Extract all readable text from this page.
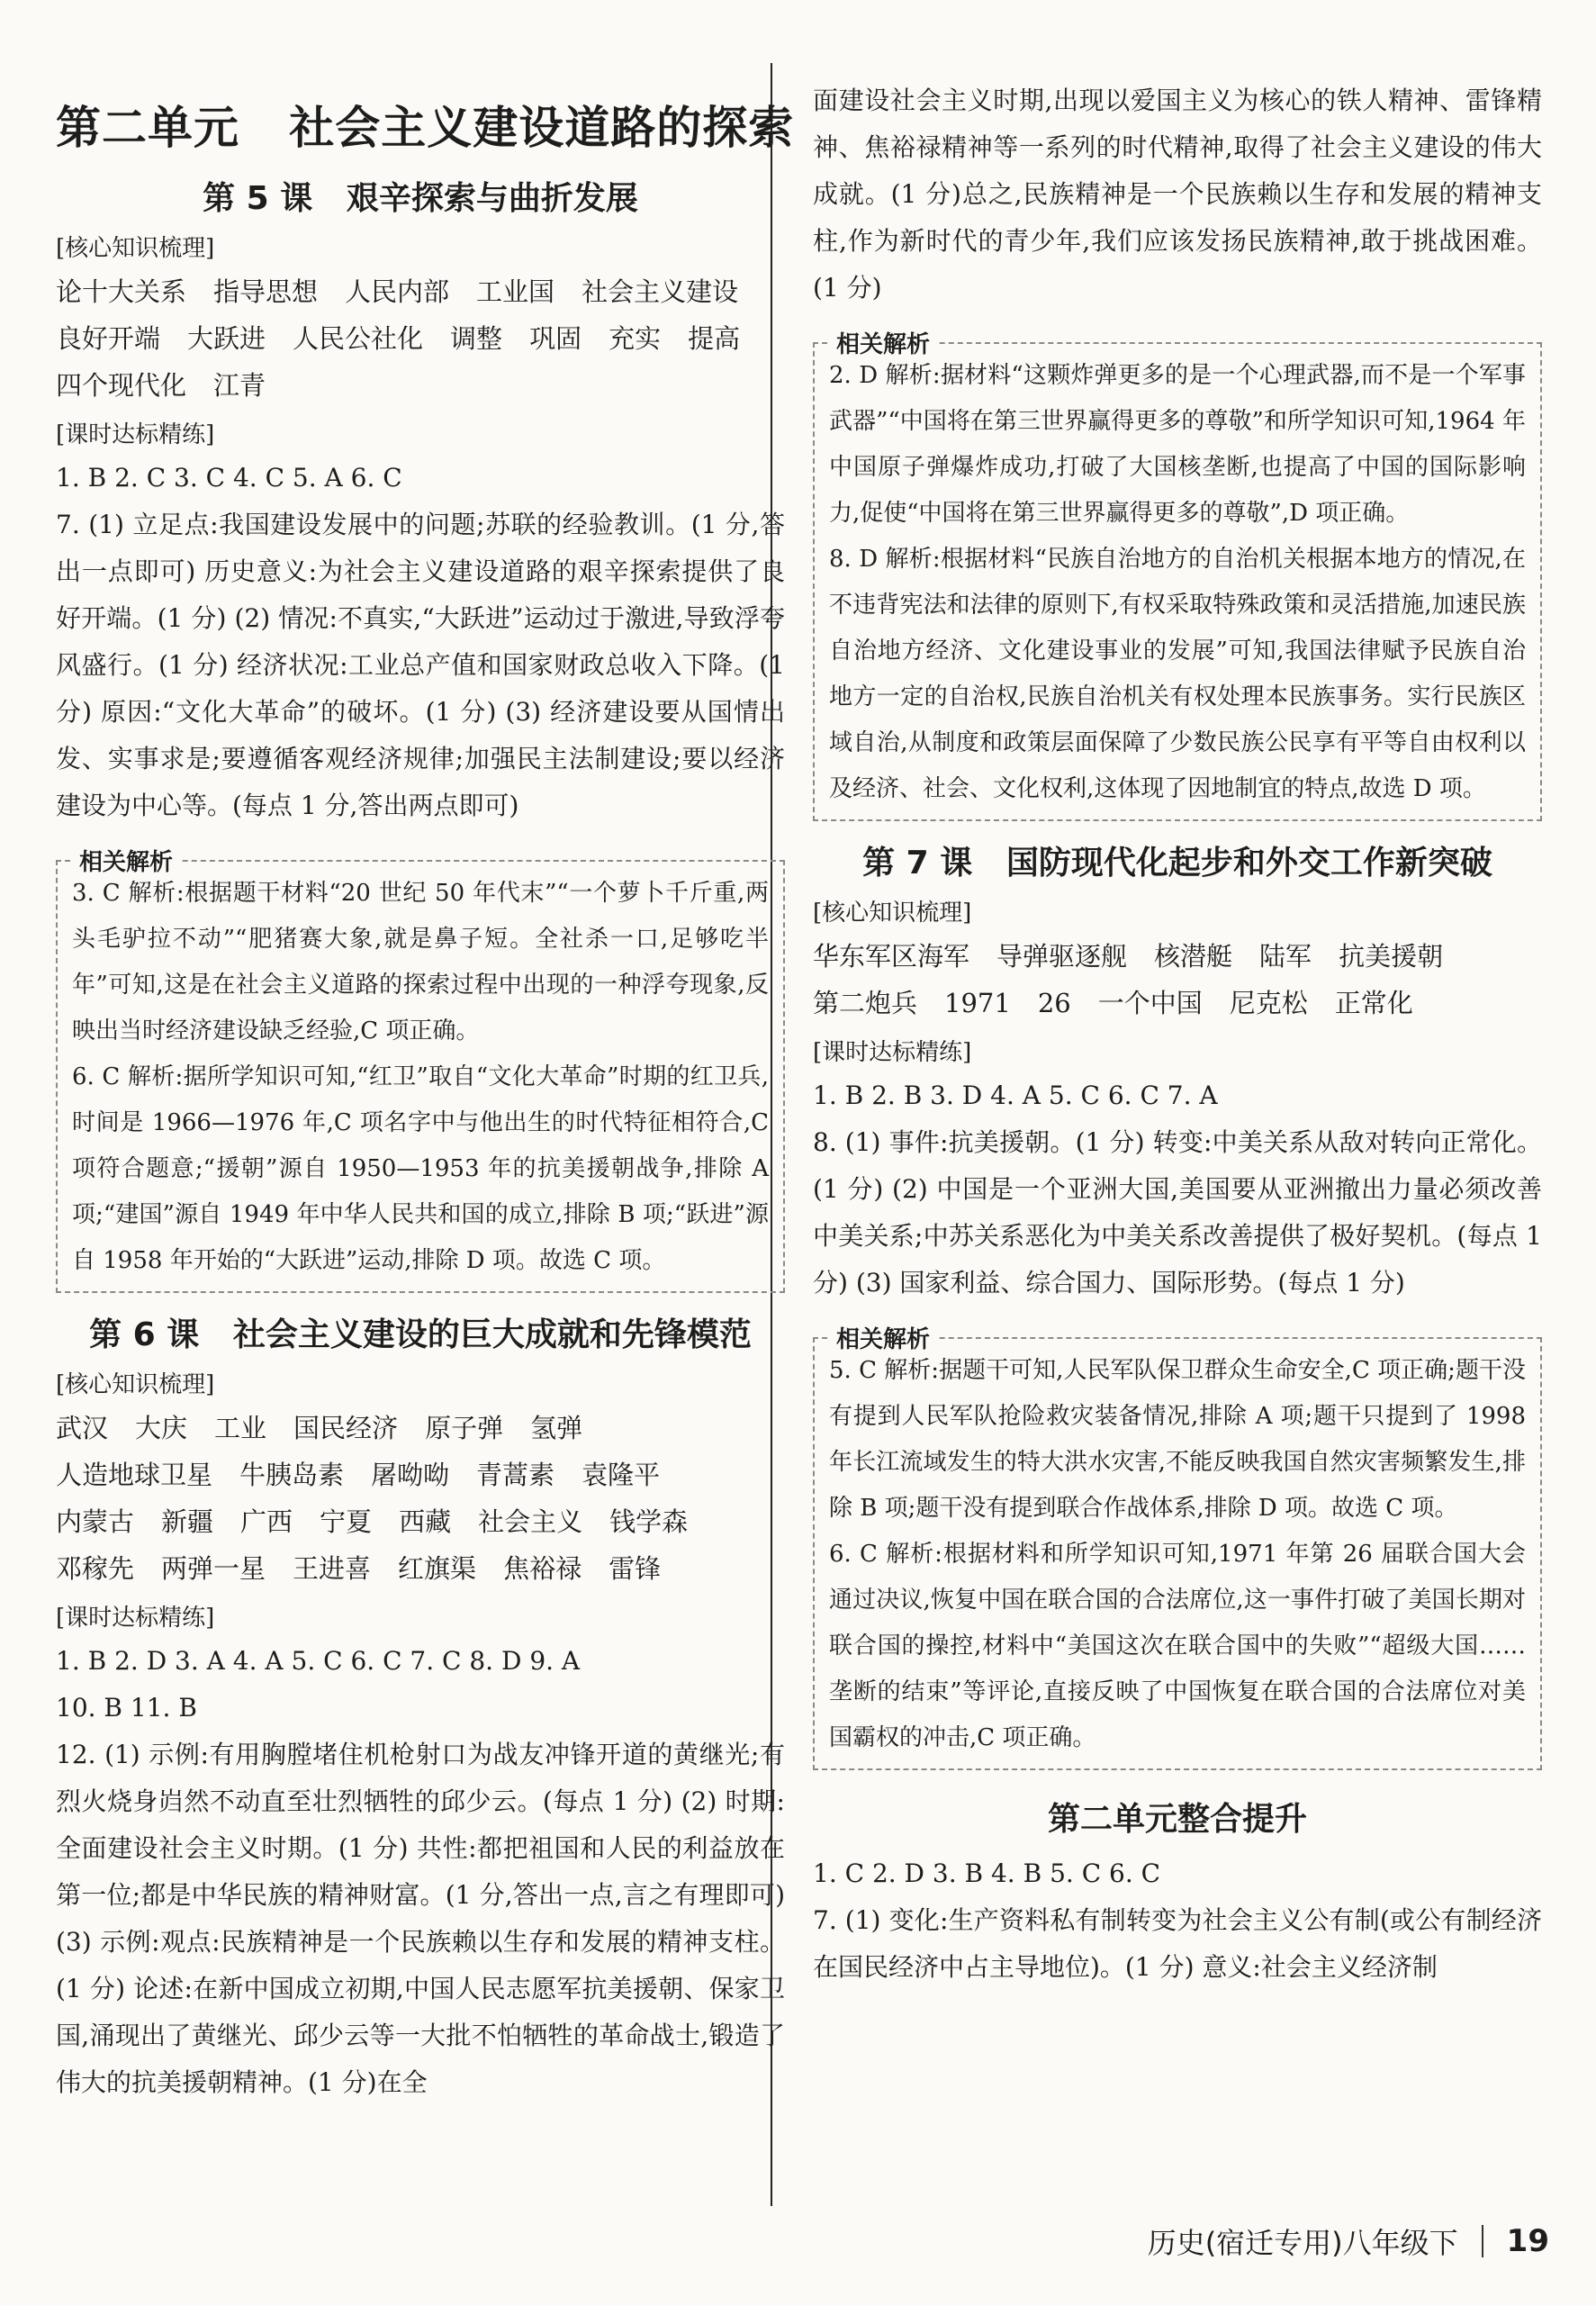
第二单元   社会主义建设道路的探索
第 5 课   艰辛探索与曲折发展
[核心知识梳理]
论十大关系 指导思想 人民内部 工业国 社会主义建设良好开端 大跃进 人民公社化 调整 巩固 充实 提高四个现代化 江青
[课时达标精练]

1. B 2. C 3. C 4. C 5. A 6. C

7. (1) 立足点:我国建设发展中的问题;苏联的经验教训。(1 分,答出一点即可) 历史意义:为社会主义建设道路的艰辛探索提供了良好开端。(1 分) (2) 情况:不真实,“大跃进”运动过于激进,导致浮夸风盛行。(1 分) 经济状况:工业总产值和国家财政总收入下降。(1 分) 原因:“文化大革命”的破坏。(1 分) (3) 经济建设要从国情出发、实事求是;要遵循客观经济规律;加强民主法制建设;要以经济建设为中心等。(每点 1 分,答出两点即可)

相关解析

3. C 解析:根据题干材料“20 世纪 50 年代末”“一个萝卜千斤重,两头毛驴拉不动”“肥猪赛大象,就是鼻子短。全社杀一口,足够吃半年”可知,这是在社会主义道路的探索过程中出现的一种浮夸现象,反映出当时经济建设缺乏经验,C 项正确。

6. C 解析:据所学知识可知,“红卫”取自“文化大革命”时期的红卫兵,时间是 1966—1976 年,C 项名字中与他出生的时代特征相符合,C 项符合题意;“援朝”源自 1950—1953 年的抗美援朝战争,排除 A 项;“建国”源自 1949 年中华人民共和国的成立,排除 B 项;“跃进”源自 1958 年开始的“大跃进”运动,排除 D 项。故选 C 项。

第 6 课   社会主义建设的巨大成就和先锋模范
[核心知识梳理]
武汉 大庆 工业 国民经济 原子弹 氢弹人造地球卫星 牛胰岛素 屠呦呦 青蒿素 袁隆平内蒙古 新疆 广西 宁夏 西藏 社会主义 钱学森邓稼先 两弹一星 王进喜 红旗渠 焦裕禄 雷锋
[课时达标精练]

1. B 2. D 3. A 4. A 5. C 6. C 7. C 8. D 9. A

10. B 11. B

12. (1) 示例:有用胸膛堵住机枪射口为战友冲锋开道的黄继光;有烈火烧身岿然不动直至壮烈牺牲的邱少云。(每点 1 分) (2) 时期:全面建设社会主义时期。(1 分) 共性:都把祖国和人民的利益放在第一位;都是中华民族的精神财富。(1 分,答出一点,言之有理即可) (3) 示例:观点:民族精神是一个民族赖以生存和发展的精神支柱。(1 分) 论述:在新中国成立初期,中国人民志愿军抗美援朝、保家卫国,涌现出了黄继光、邱少云等一大批不怕牺牲的革命战士,锻造了伟大的抗美援朝精神。(1 分)在全

面建设社会主义时期,出现以爱国主义为核心的铁人精神、雷锋精神、焦裕禄精神等一系列的时代精神,取得了社会主义建设的伟大成就。(1 分)总之,民族精神是一个民族赖以生存和发展的精神支柱,作为新时代的青少年,我们应该发扬民族精神,敢于挑战困难。(1 分)

相关解析

2. D 解析:据材料“这颗炸弹更多的是一个心理武器,而不是一个军事武器”“中国将在第三世界赢得更多的尊敬”和所学知识可知,1964 年中国原子弹爆炸成功,打破了大国核垄断,也提高了中国的国际影响力,促使“中国将在第三世界赢得更多的尊敬”,D 项正确。

8. D 解析:根据材料“民族自治地方的自治机关根据本地方的情况,在不违背宪法和法律的原则下,有权采取特殊政策和灵活措施,加速民族自治地方经济、文化建设事业的发展”可知,我国法律赋予民族自治地方一定的自治权,民族自治机关有权处理本民族事务。实行民族区域自治,从制度和政策层面保障了少数民族公民享有平等自由权利以及经济、社会、文化权利,这体现了因地制宜的特点,故选 D 项。

第 7 课   国防现代化起步和外交工作新突破
[核心知识梳理]
华东军区海军 导弹驱逐舰 核潜艇 陆军 抗美援朝第二炮兵 1971 26 一个中国 尼克松 正常化
[课时达标精练]

1. B 2. B 3. D 4. A 5. C 6. C 7. A

8. (1) 事件:抗美援朝。(1 分) 转变:中美关系从敌对转向正常化。(1 分) (2) 中国是一个亚洲大国,美国要从亚洲撤出力量必须改善中美关系;中苏关系恶化为中美关系改善提供了极好契机。(每点 1 分) (3) 国家利益、综合国力、国际形势。(每点 1 分)

相关解析

5. C 解析:据题干可知,人民军队保卫群众生命安全,C 项正确;题干没有提到人民军队抢险救灾装备情况,排除 A 项;题干只提到了 1998 年长江流域发生的特大洪水灾害,不能反映我国自然灾害频繁发生,排除 B 项;题干没有提到联合作战体系,排除 D 项。故选 C 项。

6. C 解析:根据材料和所学知识可知,1971 年第 26 届联合国大会通过决议,恢复中国在联合国的合法席位,这一事件打破了美国长期对联合国的操控,材料中“美国这次在联合国中的失败”“超级大国……垄断的结束”等评论,直接反映了中国恢复在联合国的合法席位对美国霸权的冲击,C 项正确。

第二单元整合提升

1. C 2. D 3. B 4. B 5. C 6. C

7. (1) 变化:生产资料私有制转变为社会主义公有制(或公有制经济在国民经济中占主导地位)。(1 分) 意义:社会主义经济制

历史(宿迁专用)八年级下 19
